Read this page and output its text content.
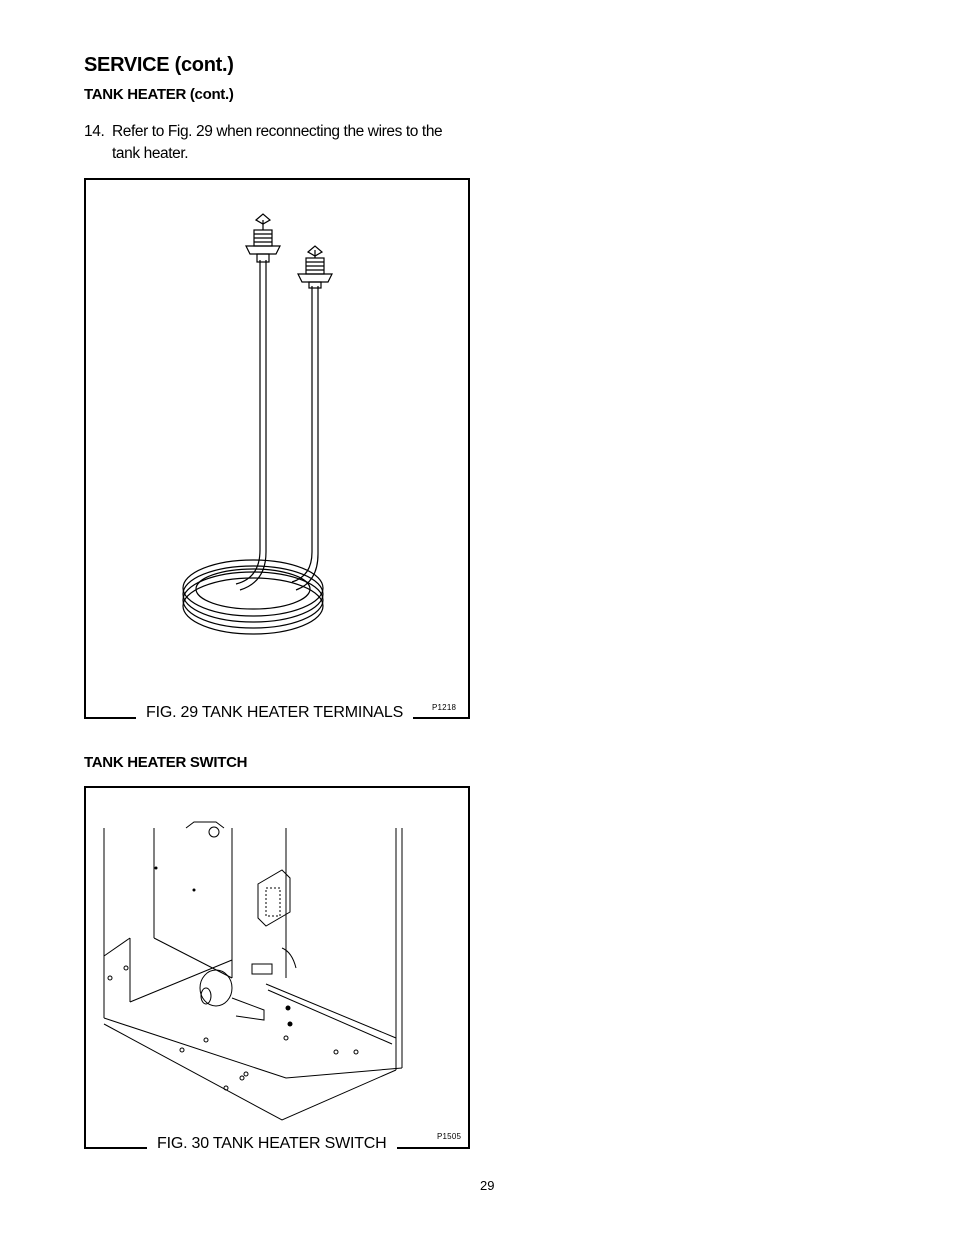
SERVICE (cont.)
TANK HEATER (cont.)
14. Refer to Fig. 29 when reconnecting the wires to the
tank heater.
FIG. 29 TANK HEATER TERMINALS	P1218
TANK HEATER SWITCH
FIG. 30 TANK HEATER SWITCH	P1505
29
